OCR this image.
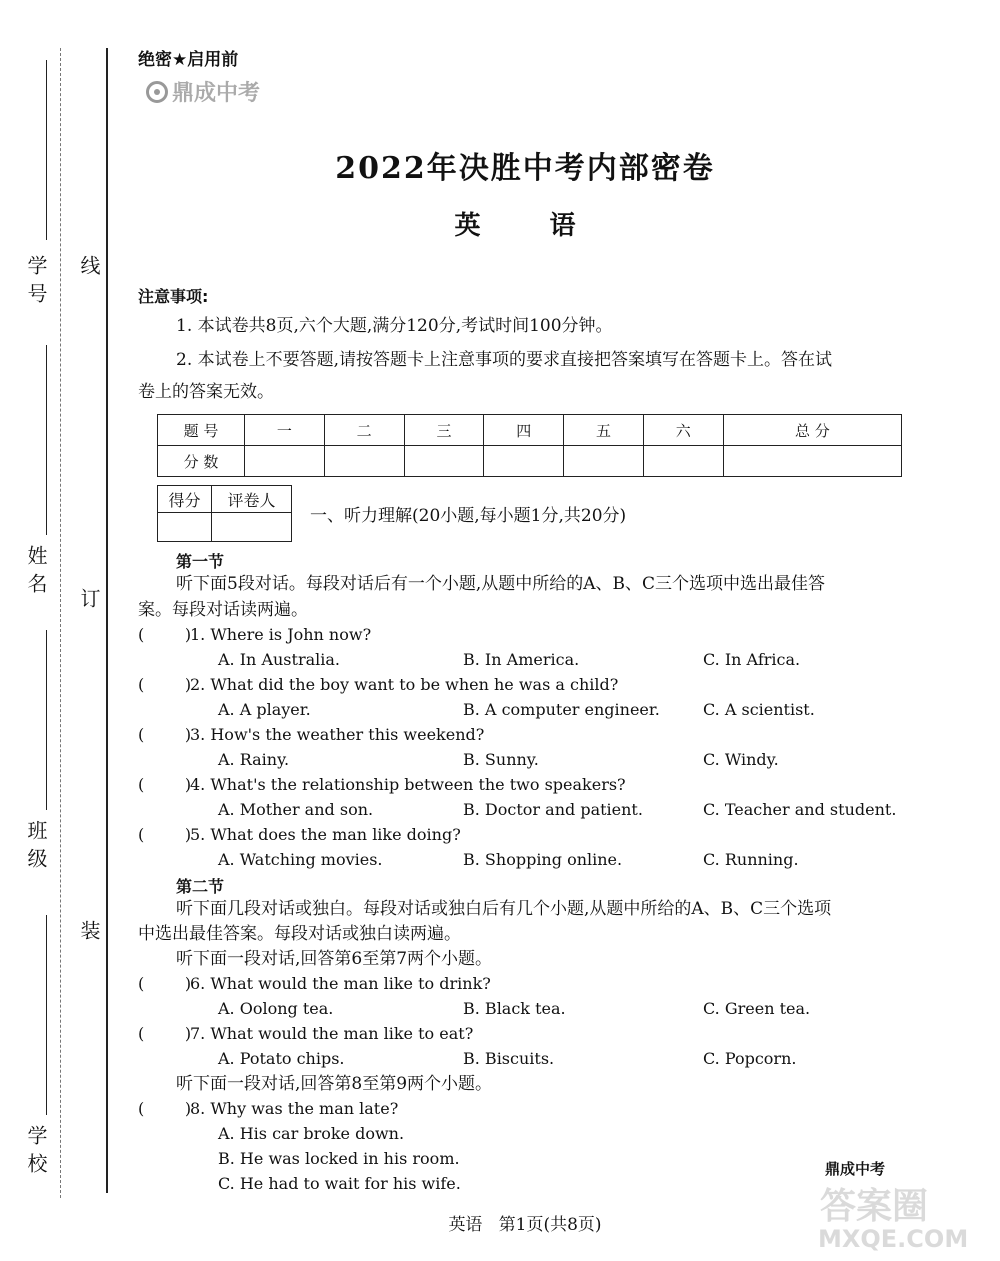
学号
姓名
班级
学校
线
订
装
绝密★启用前
鼎成中考
2022年决胜中考内部密卷
英 语
注意事项:
1. 本试卷共8页,六个大题,满分120分,考试时间100分钟。
2. 本试卷上不要答题,请按答题卡上注意事项的要求直接把答案填写在答题卡上。答在试
卷上的答案无效。
题 号	一	二	三	四	五	六	总 分
分 数							
得分	评卷人

一、听力理解(20小题,每小题1分,共20分)
第一节
听下面5段对话。每段对话后有一个小题,从题中所给的A、B、C三个选项中选出最佳答
案。每段对话读两遍。
(        )
1. Where is John now?
A. In Australia.	B. In America.	C. In Africa.
(        )
2. What did the boy want to be when he was a child?
A. A player.	B. A computer engineer.	C. A scientist.
(        )
3. How's the weather this weekend?
A. Rainy.	B. Sunny.	C. Windy.
(        )
4. What's the relationship between the two speakers?
A. Mother and son.	B. Doctor and patient.	C. Teacher and student.
(        )
5. What does the man like doing?
A. Watching movies.	B. Shopping online.	C. Running.
第二节
听下面几段对话或独白。每段对话或独白后有几个小题,从题中所给的A、B、C三个选项
中选出最佳答案。每段对话或独白读两遍。
听下面一段对话,回答第6至第7两个小题。
(        )
6. What would the man like to drink?
A. Oolong tea.	B. Black tea.	C. Green tea.
(        )
7. What would the man like to eat?
A. Potato chips.	B. Biscuits.	C. Popcorn.
听下面一段对话,回答第8至第9两个小题。
(        )
8. Why was the man late?
A. His car broke down.
B. He was locked in his room.
C. He had to wait for his wife.
鼎成中考
英语   第1页(共8页)	答案圈
MXQE.COM
